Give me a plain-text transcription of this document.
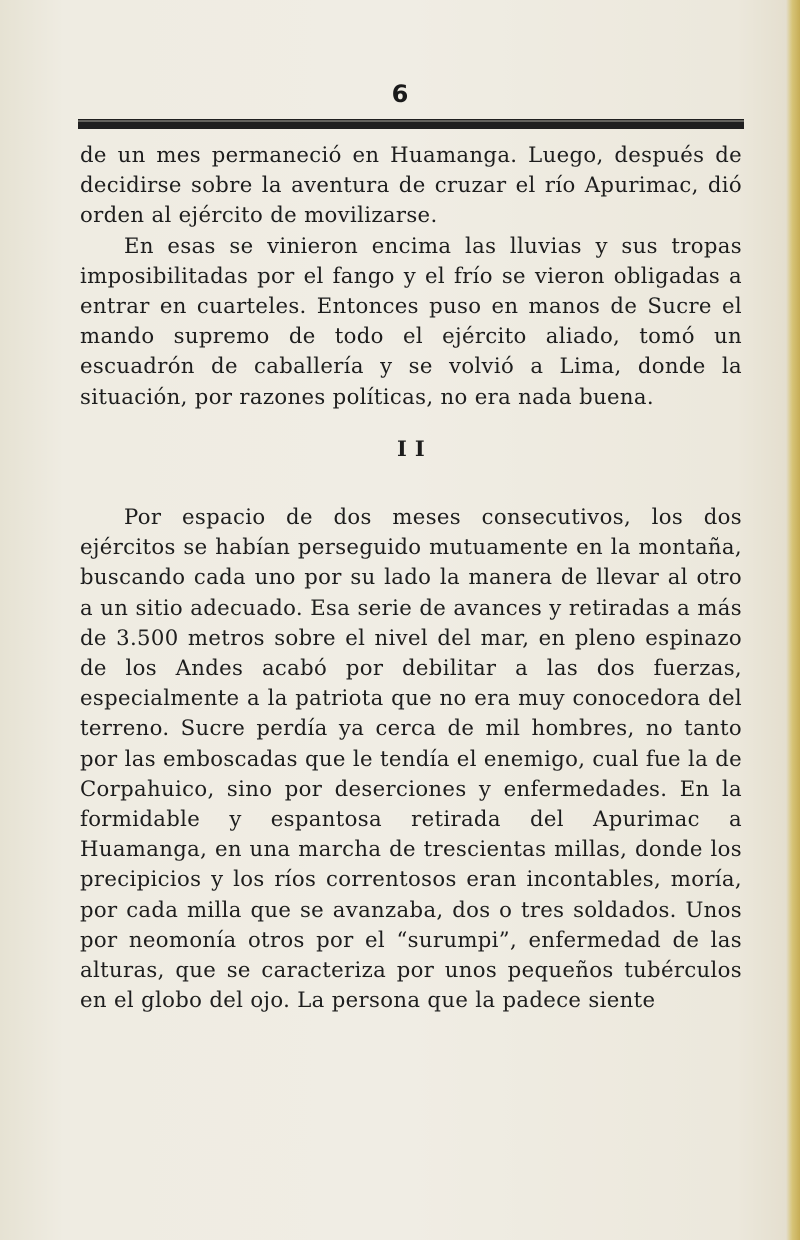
6

de un mes permaneció en Huamanga. Luego, después de decidirse sobre la aventura de cruzar el río Apurimac, dió orden al ejército de movilizarse.

En esas se vinieron encima las lluvias y sus tropas imposibilitadas por el fango y el frío se vieron obligadas a entrar en cuarteles. Entonces puso en manos de Sucre el mando supremo de todo el ejército aliado, tomó un escuadrón de caballería y se volvió a Lima, donde la situación, por razones políticas, no era nada buena.

I I

Por espacio de dos meses consecutivos, los dos ejércitos se habían perseguido mutuamente en la montaña, buscando cada uno por su lado la manera de llevar al otro a un sitio adecuado. Esa serie de avances y retiradas a más de 3.500 metros sobre el nivel del mar, en pleno espinazo de los Andes acabó por debilitar a las dos fuerzas, especialmente a la patriota que no era muy conocedora del terreno. Sucre perdía ya cerca de mil hombres, no tanto por las emboscadas que le tendía el enemigo, cual fue la de Corpahuico, sino por deserciones y enfermedades. En la formidable y espantosa retirada del Apurimac a Huamanga, en una marcha de trescientas millas, donde los precipicios y los ríos correntosos eran incontables, moría, por cada milla que se avanzaba, dos o tres soldados. Unos por neomonía otros por el “surumpi”, enfermedad de las alturas, que se caracteriza por unos pequeños tubérculos en el globo del ojo. La persona que la padece siente
